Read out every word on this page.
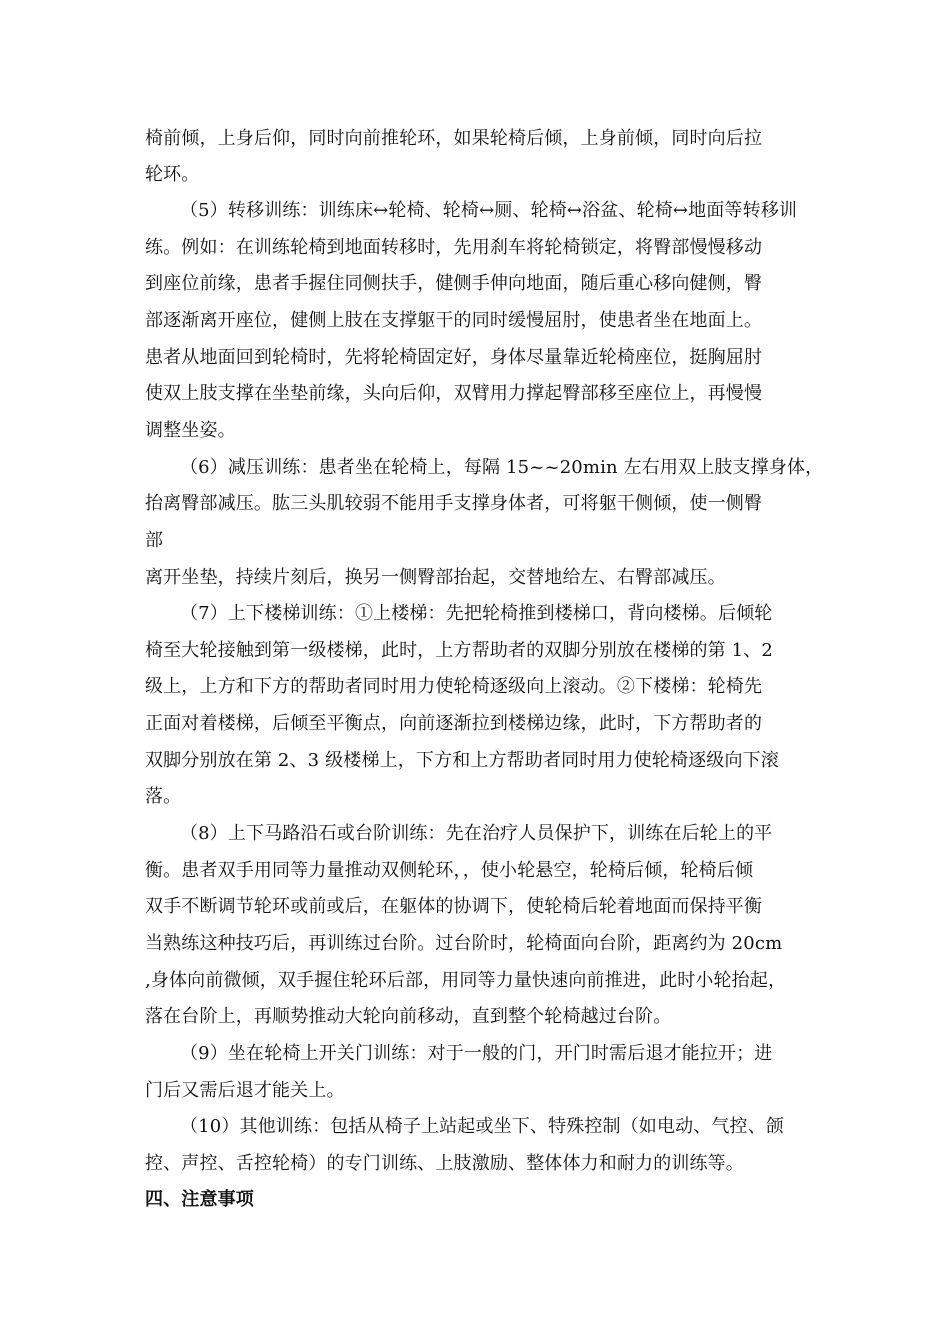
椅前倾，上身后仰，同时向前推轮环，如果轮椅后倾，上身前倾，同时向后拉
轮环。
（5）转移训练：训练床↔轮椅、轮椅↔厕、轮椅↔浴盆、轮椅↔地面等转移训
练。例如：在训练轮椅到地面转移时，先用刹车将轮椅锁定，将臀部慢慢移动
到座位前缘，患者手握住同侧扶手，健侧手伸向地面，随后重心移向健侧，臀
部逐渐离开座位，健侧上肢在支撑躯干的同时缓慢屈肘，使患者坐在地面上。
患者从地面回到轮椅时，先将轮椅固定好，身体尽量靠近轮椅座位，挺胸屈肘
使双上肢支撑在坐垫前缘，头向后仰，双臂用力撑起臀部移至座位上，再慢慢
调整坐姿。
（6）减压训练：患者坐在轮椅上，每隔 15~~20min 左右用双上肢支撑身体，
抬离臀部减压。肱三头肌较弱不能用手支撑身体者，可将躯干侧倾，使一侧臀
部
离开坐垫，持续片刻后，换另一侧臀部抬起，交替地给左、右臀部减压。
（7）上下楼梯训练：①上楼梯：先把轮椅推到楼梯口，背向楼梯。后倾轮
椅至大轮接触到第一级楼梯，此时，上方帮助者的双脚分别放在楼梯的第 1、2
级上，上方和下方的帮助者同时用力使轮椅逐级向上滚动。②下楼梯：轮椅先
正面对着楼梯，后倾至平衡点，向前逐渐拉到楼梯边缘，此时，下方帮助者的
双脚分别放在第 2、3 级楼梯上，下方和上方帮助者同时用力使轮椅逐级向下滚
落。
（8）上下马路沿石或台阶训练：先在治疗人员保护下，训练在后轮上的平
衡。患者双手用同等力量推动双侧轮环，，使小轮悬空，轮椅后倾，轮椅后倾
双手不断调节轮环或前或后，在躯体的协调下，使轮椅后轮着地面而保持平衡
当熟练这种技巧后，再训练过台阶。过台阶时，轮椅面向台阶，距离约为 20cm
,身体向前微倾，双手握住轮环后部，用同等力量快速向前推进，此时小轮抬起，
落在台阶上，再顺势推动大轮向前移动，直到整个轮椅越过台阶。
（9）坐在轮椅上开关门训练：对于一般的门，开门时需后退才能拉开；进
门后又需后退才能关上。
（10）其他训练：包括从椅子上站起或坐下、特殊控制（如电动、气控、颌
控、声控、舌控轮椅）的专门训练、上肢激励、整体体力和耐力的训练等。
四、注意事项
